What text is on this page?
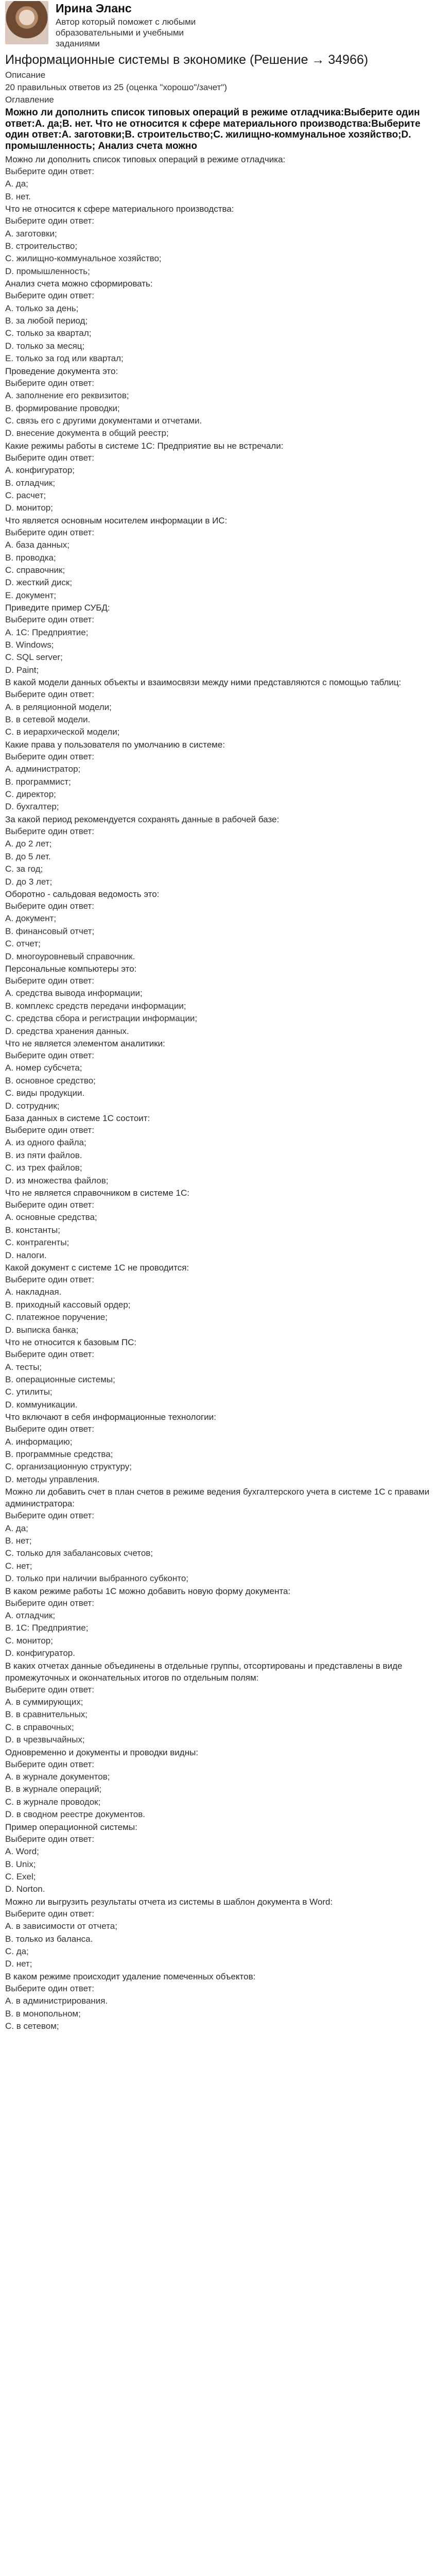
Ирина Эланс
Автор который поможет с любыми образовательными и учебными заданиями
Информационные системы в экономике (Решение → 34966)
Описание
20 правильных ответов из 25 (оценка "хорошо"/зачет")
Оглавление
Можно ли дополнить список типовых операций в режиме отладчика:Выберите один ответ:A. да;B. нет. Что не относится к сфере материального производства:Выберите один ответ:A. заготовки;B. строительство;C. жилищно-коммунальное хозяйство;D. промышленность; Анализ счета можно

Можно ли дополнить список типовых операций в режиме отладчика:

Выберите один ответ:

A. да;

B. нет.

Что не относится к сфере материального производства:

Выберите один ответ:

A. заготовки;

B. строительство;

C. жилищно-коммунальное хозяйство;

D. промышленность;

Анализ счета можно сформировать:

Выберите один ответ:

A. только за день;

B. за любой период;

C. только за квартал;

D. только за месяц;

E. только за год или квартал;

Проведение документа это:

Выберите один ответ:

A. заполнение его реквизитов;

B. формирование проводки;

C. связь его с другими документами и отчетами.

D. внесение документа в общий реестр;

Какие режимы работы в системе 1С: Предприятие вы не встречали:

Выберите один ответ:

A. конфигуратор;

B. отладчик;

C. расчет;

D. монитор;

Что является основным носителем информации в ИС:

Выберите один ответ:

A. база данных;

B. проводка;

C. справочник;

D. жесткий диск;

E. документ;

Приведите пример СУБД:

Выберите один ответ:

A. 1С: Предприятие;

B. Windows;

C. SQL server;

D. Paint;

В какой модели данных объекты и взаимосвязи между ними представляются с помощью таблиц:

Выберите один ответ:

A. в реляционной модели;

B. в сетевой модели.

C. в иерархической модели;

Какие права у пользователя по умолчанию в системе:

Выберите один ответ:

A. администратор;

B. программист;

C. директор;

D. бухгалтер;

За какой период рекомендуется сохранять данные в рабочей базе:

Выберите один ответ:

A. до 2 лет;

B. до 5 лет.

C. за год;

D. до 3 лет;

Оборотно - сальдовая ведомость это:

Выберите один ответ:

A. документ;

B. финансовый отчет;

C. отчет;

D. многоуровневый справочник.

Персональные компьютеры это:

Выберите один ответ:

A. средства вывода информации;

B. комплекс средств передачи информации;

C. средства сбора и регистрации информации;

D. средства хранения данных.

Что не является элементом аналитики:

Выберите один ответ:

A. номер субсчета;

B. основное средство;

C. виды продукции.

D. сотрудник;

База данных в системе 1С состоит:

Выберите один ответ:

A. из одного файла;

B. из пяти файлов.

C. из трех файлов;

D. из множества файлов;

Что не является справочником в системе 1С:

Выберите один ответ:

A. основные средства;

B. константы;

C. контрагенты;

D. налоги.

Какой документ с системе 1С не проводится:

Выберите один ответ:

A. накладная.

B. приходный кассовый ордер;

C. платежное поручение;

D. выписка банка;

Что не относится к базовым ПС:

Выберите один ответ:

A. тесты;

B. операционные системы;

C. утилиты;

D. коммуникации.

Что включают в себя информационные технологии:

Выберите один ответ:

A. информацию;

B. программные средства;

C. организационную структуру;

D. методы управления.

Можно ли добавить счет в план счетов в режиме ведения бухгалтерского учета в системе 1С с правами администратора:

Выберите один ответ:

A. да;

B. нет;

C. только для забалансовых счетов;

C. нет;

D. только при наличии выбранного субконто;

В каком режиме работы 1С можно добавить новую форму документа:

Выберите один ответ:

A. отладчик;

B. 1С: Предприятие;

C. монитор;

D. конфигуратор.

В каких отчетах данные объединены в отдельные группы, отсортированы и представлены в виде промежуточных и окончательных итогов по отдельным полям:

Выберите один ответ:

A. в суммирующих;

B. в сравнительных;

C. в справочных;

D. в чрезвычайных;

Одновременно и документы и проводки видны:

Выберите один ответ:

A. в журнале документов;

B. в журнале операций;

C. в журнале проводок;

D. в сводном реестре документов.

Пример операционной системы:

Выберите один ответ:

A. Word;

B. Unix;

C. Exel;

D. Norton.

Можно ли выгрузить результаты отчета из системы в шаблон документа в Word:

Выберите один ответ:

A. в зависимости от отчета;

B. только из баланса.

C. да;

D. нет;

В каком режиме происходит удаление помеченных объектов:

Выберите один ответ:

A. в администрирования.

B. в монопольном;

C. в сетевом;
